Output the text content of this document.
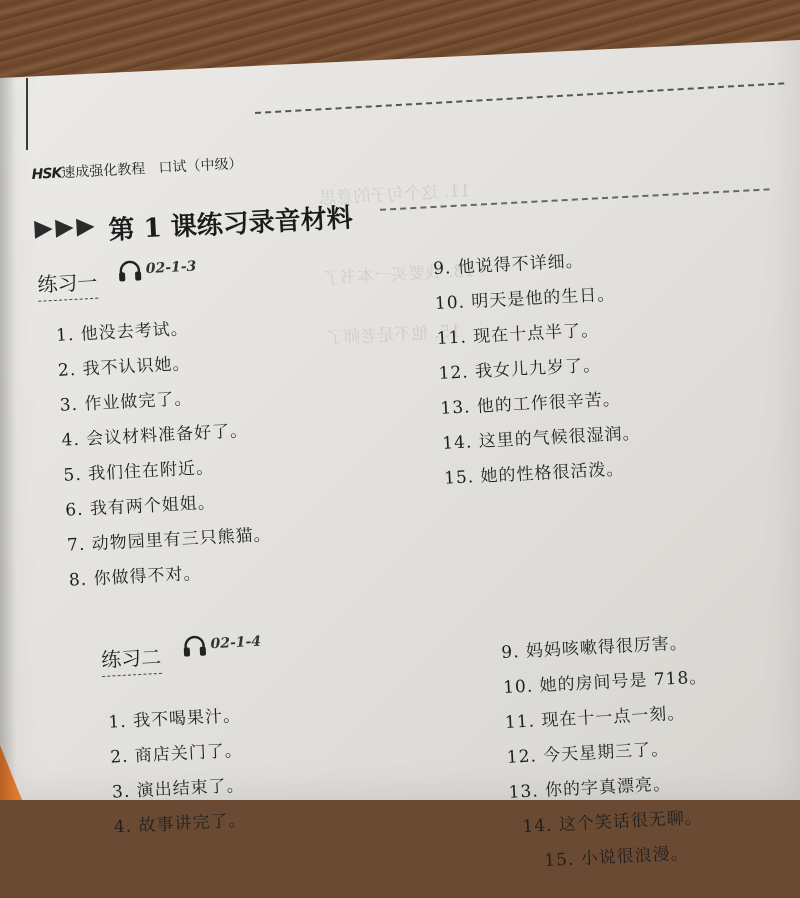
11. 这个句子的意思
13. 我要买一本书了
15. 他不是老师了
HSK速成强化教程 口试（中级）
第 1 课练习录音材料
练习一
02-1-3
1. 他没去考试。
2. 我不认识她。
3. 作业做完了。
4. 会议材料准备好了。
5. 我们住在附近。
6. 我有两个姐姐。
7. 动物园里有三只熊猫。
8. 你做得不对。
9. 他说得不详细。
10. 明天是他的生日。
11. 现在十点半了。
12. 我女儿九岁了。
13. 他的工作很辛苦。
14. 这里的气候很湿润。
15. 她的性格很活泼。
练习二
02-1-4
1. 我不喝果汁。
2. 商店关门了。
3. 演出结束了。
4. 故事讲完了。
9. 妈妈咳嗽得很厉害。
10. 她的房间号是 718。
11. 现在十一点一刻。
12. 今天星期三了。
13. 你的字真漂亮。
14. 这个笑话很无聊。
15. 小说很浪漫。
